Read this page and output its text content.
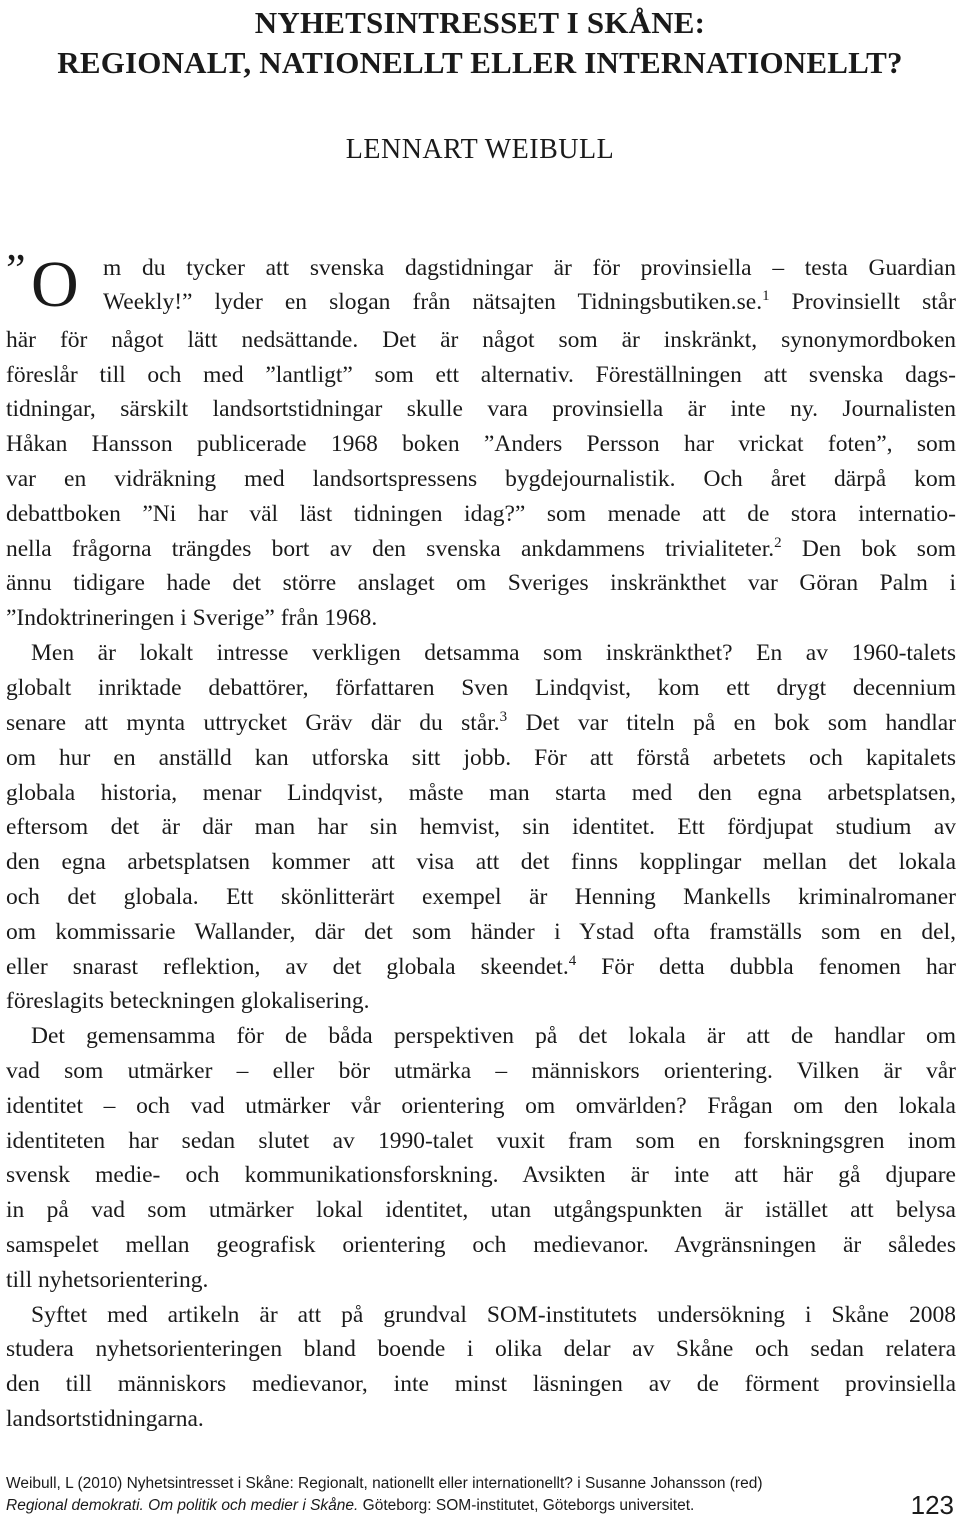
NYHETSINTRESSET I SKÅNE:
REGIONALT, NATIONELLT ELLER INTERNATIONELLT?
LENNART WEIBULL
” O m du tycker att svenska dagstidningar är för provinsiella – testa Guardian
Weekly!” lyder en slogan från nätsajten Tidningsbutiken.se.$^1$ Provinsiellt står
här för något lätt nedsättande. Det är något som är inskränkt, synonymordboken
föreslår till och med ”lantligt” som ett alternativ. Föreställningen att svenska dags-
tidningar, särskilt landsortstidningar skulle vara provinsiella är inte ny. Journalisten
Håkan Hansson publicerade 1968 boken ”Anders Persson har vrickat foten”, som
var en vidräkning med landsortspressens bygdejournalistik. Och året därpå kom
debattboken ”Ni har väl läst tidningen idag?” som menade att de stora internatio-
nella frågorna trängdes bort av den svenska ankdammens trivialiteter.$^2$ Den bok som
ännu tidigare hade det större anslaget om Sveriges inskränkthet var Göran Palm i
”Indoktrineringen i Sverige” från 1968.
Men är lokalt intresse verkligen detsamma som inskränkthet? En av 1960-talets
globalt inriktade debattörer, författaren Sven Lindqvist, kom ett drygt decennium
senare att mynta uttrycket Gräv där du står.$^3$ Det var titeln på en bok som handlar
om hur en anställd kan utforska sitt jobb. För att förstå arbetets och kapitalets
globala historia, menar Lindqvist, måste man starta med den egna arbetsplatsen,
eftersom det är där man har sin hemvist, sin identitet. Ett fördjupat studium av
den egna arbetsplatsen kommer att visa att det finns kopplingar mellan det lokala
och det globala. Ett skönlitterärt exempel är Henning Mankells kriminalromaner
om kommissarie Wallander, där det som händer i Ystad ofta framställs som en del,
eller snarast reflektion, av det globala skeendet.$^4$ För detta dubbla fenomen har
föreslagits beteckningen glokalisering.
Det gemensamma för de båda perspektiven på det lokala är att de handlar om
vad som utmärker – eller bör utmärka – människors orientering. Vilken är vår
identitet – och vad utmärker vår orientering om omvärlden? Frågan om den lokala
identiteten har sedan slutet av 1990-talet vuxit fram som en forskningsgren inom
svensk medie- och kommunikationsforskning. Avsikten är inte att här gå djupare
in på vad som utmärker lokal identitet, utan utgångspunkten är istället att belysa
samspelet mellan geografisk orientering och medievanor. Avgränsningen är således
till nyhetsorientering.
Syftet med artikeln är att på grundval SOM-institutets undersökning i Skåne 2008
studera nyhetsorienteringen bland boende i olika delar av Skåne och sedan relatera
den till människors medievanor, inte minst läsningen av de förment provinsiella
landsortstidningarna.
Weibull, L (2010) Nyhetsintresset i Skåne: Regionalt, nationellt eller internationellt? i Susanne Johansson (red)
Regional demokrati. Om politik och medier i Skåne. Göteborg: SOM-institutet, Göteborgs universitet.	123
